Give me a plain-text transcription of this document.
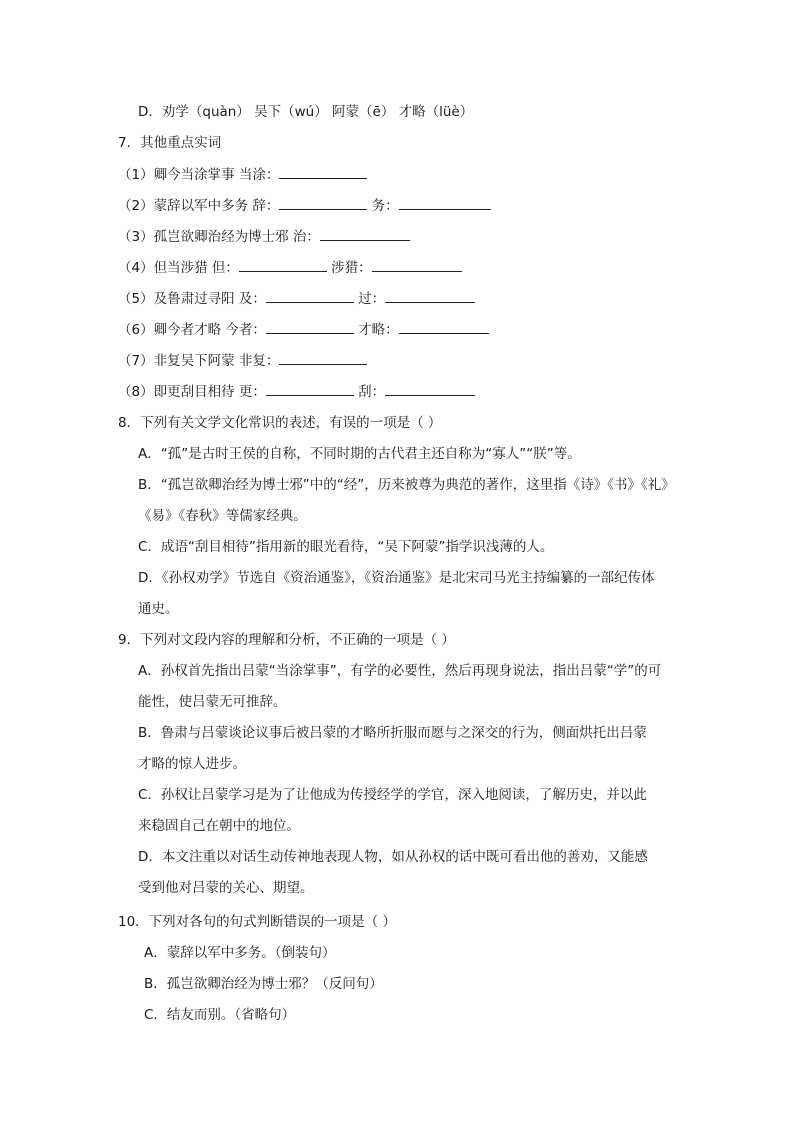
D．劝学（quàn） 吴下（wú） 阿蒙（ē） 才略（lüè）
7．其他重点实词
（1）卿今当涂掌事 当涂：
（2）蒙辞以军中多务 辞：	务：
（3）孤岂欲卿治经为博士邪 治：
（4）但当涉猎 但：	涉猎：
（5）及鲁肃过寻阳 及：	过：
（6）卿今者才略 今者：	才略：
（7）非复吴下阿蒙 非复：
（8）即更刮目相待 更：	刮：
8．下列有关文学文化常识的表述，有误的一项是（ ）
A．“孤”是古时王侯的自称，不同时期的古代君主还自称为“寡人”“朕”等。
B．“孤岂欲卿治经为博士邪”中的“经”，历来被尊为典范的著作，这里指《诗》《书》《礼》
《易》《春秋》等儒家经典。
C．成语“刮目相待”指用新的眼光看待，“吴下阿蒙”指学识浅薄的人。
D．《孙权劝学》节选自《资治通鉴》，《资治通鉴》是北宋司马光主持编纂的一部纪传体
通史。
9．下列对文段内容的理解和分析，不正确的一项是（ ）
A．孙权首先指出吕蒙“当涂掌事”，有学的必要性，然后再现身说法，指出吕蒙“学”的可
能性，使吕蒙无可推辞。
B．鲁肃与吕蒙谈论议事后被吕蒙的才略所折服而愿与之深交的行为，侧面烘托出吕蒙
才略的惊人进步。
C．孙权让吕蒙学习是为了让他成为传授经学的学官，深入地阅读，了解历史，并以此
来稳固自己在朝中的地位。
D．本文注重以对话生动传神地表现人物，如从孙权的话中既可看出他的善劝，又能感
受到他对吕蒙的关心、期望。
10．下列对各句的句式判断错误的一项是（ ）
A．蒙辞以军中多务。（倒装句）
B．孤岂欲卿治经为博士邪？（反问句）
C．结友而别。（省略句）
